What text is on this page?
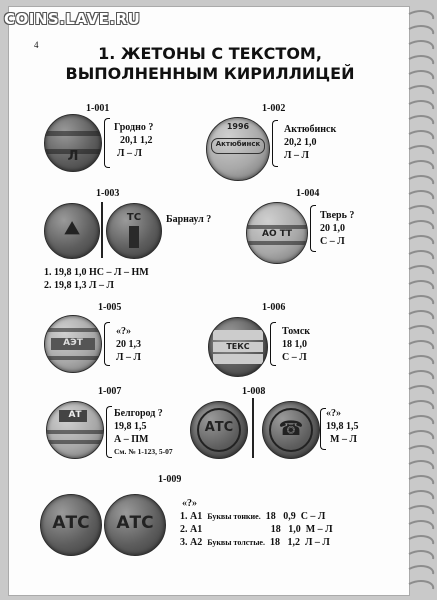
COINS.LAVE.RU
4	1. ЖЕТОНЫ С ТЕКСТОМ,
ВЫПОЛНЕННЫМ КИРИЛЛИЦЕЙ
1-001
Л
Гродно ?
20,1 1,2
Л – Л
1-002
1996
Актюбинск
Актюбинск
20,2 1,0
Л – Л
1-003
⛰
ТС	Барнаул ?
1. 19,8 1,0 НС – Л – НМ
2. 19,8 1,3 Л – Л
1-004
АО ТТ
Тверь ?
20 1,0
С – Л
1-005
АЭТ
«?»
20 1,3
Л – Л
1-006
ТЕКС
Томск
18 1,0
С – Л
1-007
АТ	Белгород ?
19,8 1,5
А – ПМ
См. № 1-123, 5-07
1-008
АТС	☎
«?»
19,8 1,5
М – Л
1-009
АТС	АТС
«?»
1. А1 Буквы тонкие. 18 0,9 С – Л
2. А1	18 1,0 М – Л
3. А2 Буквы толстые. 18 1,2 Л – Л
